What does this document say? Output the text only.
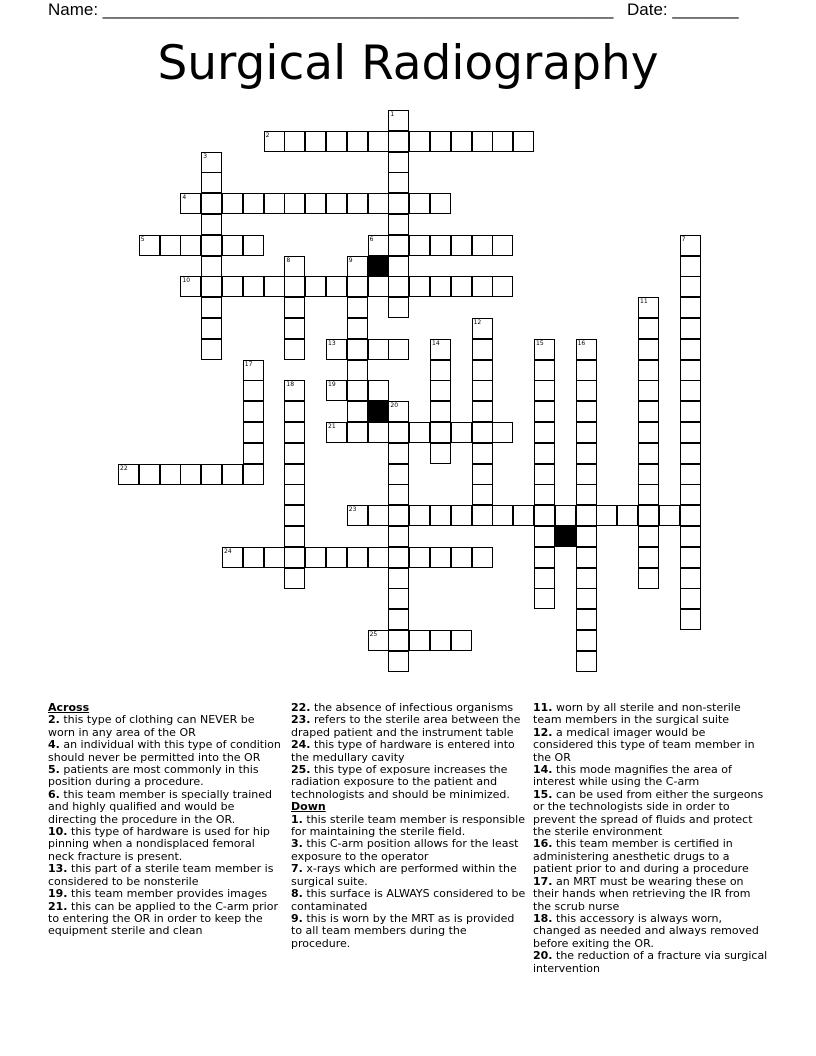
Name: ______________________________________________________ Date: _______
Surgical Radiography
1
2
3
4
5	6	7
8	9
10
11
12
13	14	15	16
17
18	19
20
21
22
23
24
25
Across
2. this type of clothing can NEVER be worn in any area of the OR
4. an individual with this type of condition should never be permitted into the OR
5. patients are most commonly in this position during a procedure.
6. this team member is specially trained and highly qualified and would be directing the procedure in the OR.
10. this type of hardware is used for hip pinning when a nondisplaced femoral neck fracture is present.
13. this part of a sterile team member is considered to be nonsterile
19. this team member provides images
21. this can be applied to the C-arm prior to entering the OR in order to keep the equipment sterile and clean
22. the absence of infectious organisms
23. refers to the sterile area between the draped patient and the instrument table
24. this type of hardware is entered into the medullary cavity
25. this type of exposure increases the radiation exposure to the patient and technologists and should be minimized.
Down
1. this sterile team member is responsible for maintaining the sterile field.
3. this C-arm position allows for the least exposure to the operator
7. x-rays which are performed within the surgical suite.
8. this surface is ALWAYS considered to be contaminated
9. this is worn by the MRT as is provided to all team members during the procedure.
11. worn by all sterile and non-sterile team members in the surgical suite
12. a medical imager would be considered this type of team member in the OR
14. this mode magnifies the area of interest while using the C-arm
15. can be used from either the surgeons or the technologists side in order to prevent the spread of fluids and protect the sterile environment
16. this team member is certified in administering anesthetic drugs to a patient prior to and during a procedure
17. an MRT must be wearing these on their hands when retrieving the IR from the scrub nurse
18. this accessory is always worn, changed as needed and always removed before exiting the OR.
20. the reduction of a fracture via surgical intervention
